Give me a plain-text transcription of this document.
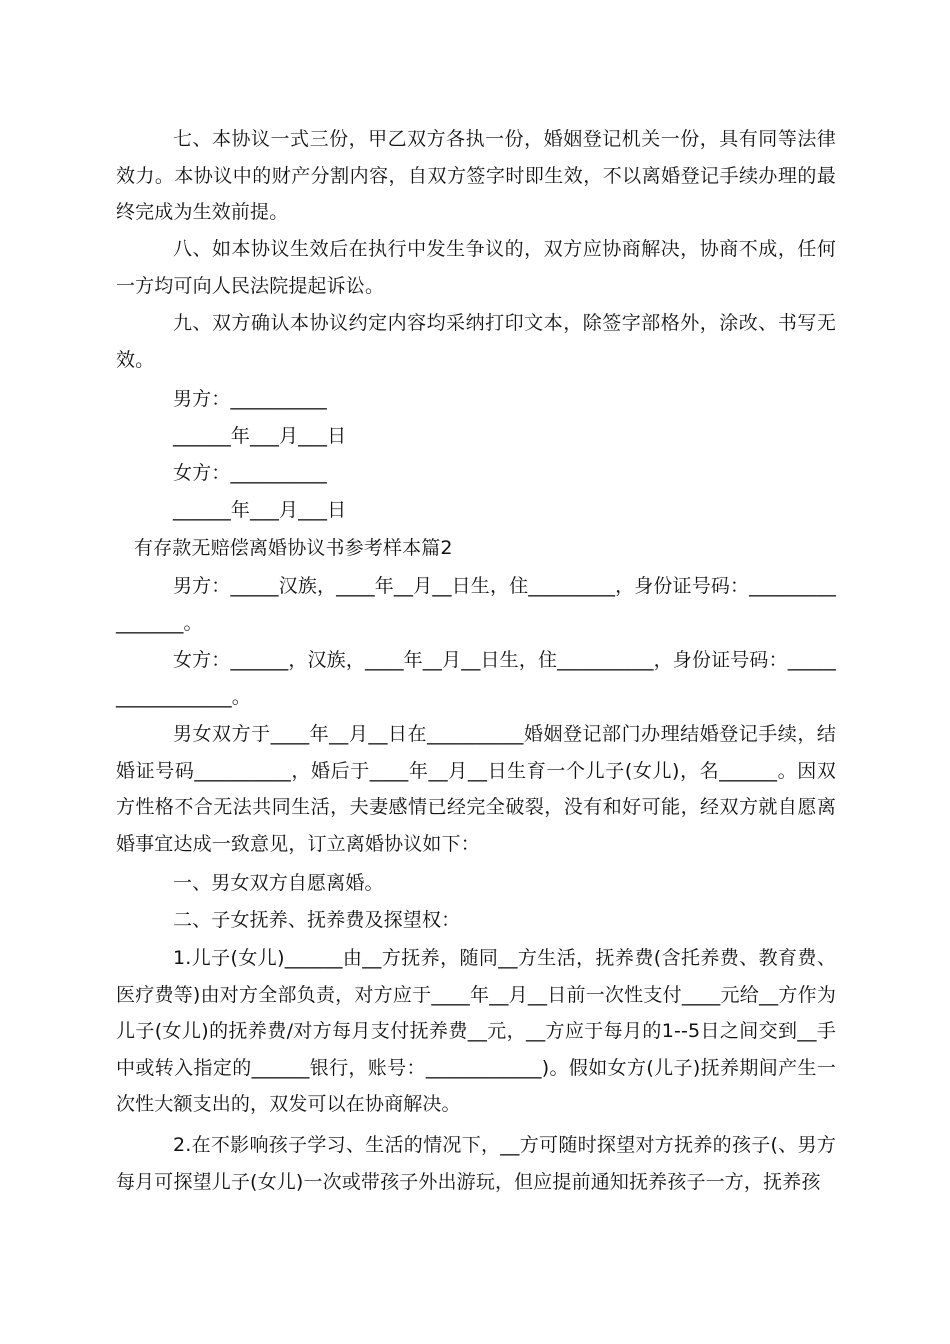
七、本协议一式三份，甲乙双方各执一份，婚姻登记机关一份，具有同等法律效力。本协议中的财产分割内容，自双方签字时即生效，不以离婚登记手续办理的最终完成为生效前提。

八、如本协议生效后在执行中发生争议的，双方应协商解决，协商不成，任何一方均可向人民法院提起诉讼。

九、双方确认本协议约定内容均采纳打印文本，除签字部格外，涂改、书写无效。

男方：__________

______年___月___日

女方：__________

______年___月___日

有存款无赔偿离婚协议书参考样本篇2

男方：_____汉族，____年__月__日生，住_________，身份证号码：________________。

女方：______，汉族，____年__月__日生，住__________，身份证号码：_________________。

男女双方于____年__月__日在__________婚姻登记部门办理结婚登记手续，结婚证号码__________，婚后于____年__月__日生育一个儿子(女儿)，名______。因双方性格不合无法共同生活，夫妻感情已经完全破裂，没有和好可能，经双方就自愿离婚事宜达成一致意见，订立离婚协议如下：

一、男女双方自愿离婚。

二、子女抚养、抚养费及探望权：

1.儿子(女儿)______由__方抚养，随同__方生活，抚养费(含托养费、教育费、医疗费等)由对方全部负责，对方应于____年__月__日前一次性支付____元给__方作为儿子(女儿)的抚养费/对方每月支付抚养费__元，__方应于每月的1--5日之间交到__手中或转入指定的______银行，账号：____________)。假如女方(儿子)抚养期间产生一次性大额支出的，双发可以在协商解决。

2.在不影响孩子学习、生活的情况下，__方可随时探望对方抚养的孩子(、男方每月可探望儿子(女儿)一次或带孩子外出游玩，但应提前通知抚养孩子一方，抚养孩
